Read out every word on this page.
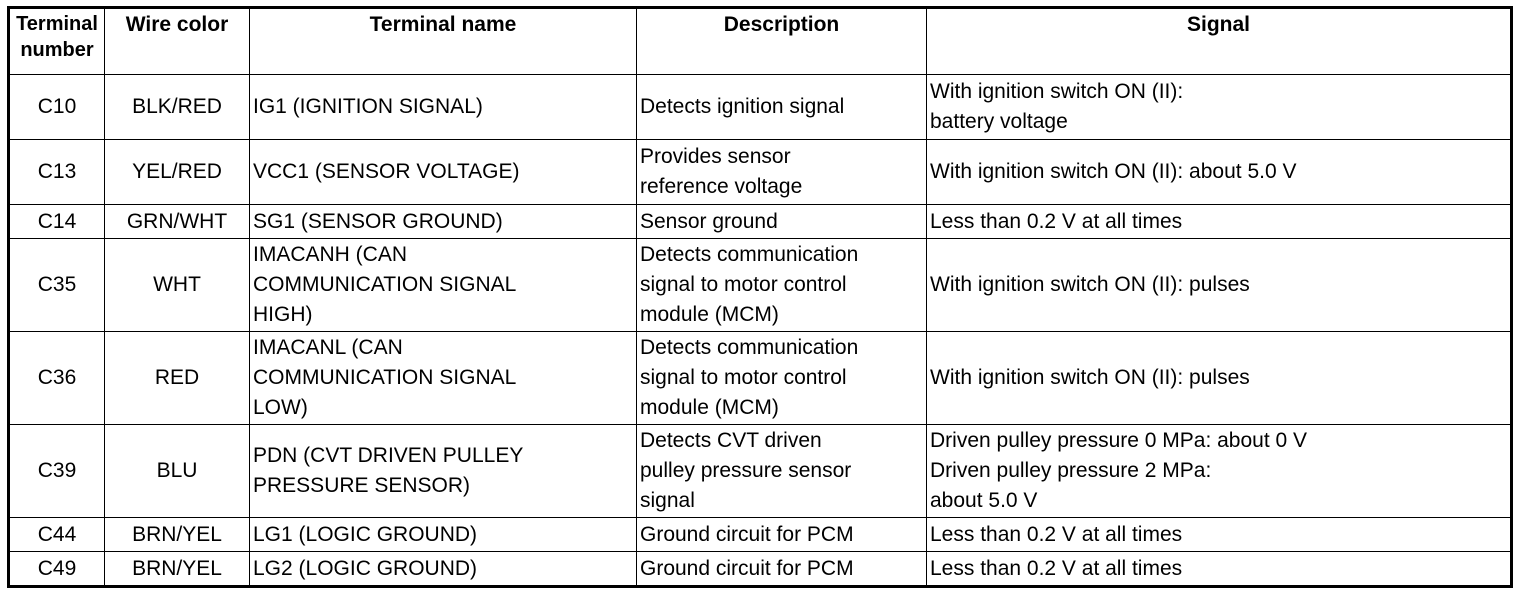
Terminal
number	Wire color	Terminal name	Description	Signal
C10	BLK/RED	IG1 (IGNITION SIGNAL)	Detects ignition signal	With ignition switch ON (II):
battery voltage
C13	YEL/RED	VCC1 (SENSOR VOLTAGE)	Provides sensor
reference voltage	With ignition switch ON (II): about 5.0 V
C14	GRN/WHT	SG1 (SENSOR GROUND)	Sensor ground	Less than 0.2 V at all times
C35	WHT	IMACANH (CAN
COMMUNICATION SIGNAL
HIGH)	Detects communication
signal to motor control
module (MCM)	With ignition switch ON (II): pulses
C36	RED	IMACANL (CAN
COMMUNICATION SIGNAL
LOW)	Detects communication
signal to motor control
module (MCM)	With ignition switch ON (II): pulses
C39	BLU	PDN (CVT DRIVEN PULLEY
PRESSURE SENSOR)	Detects CVT driven
pulley pressure sensor
signal	Driven pulley pressure 0 MPa: about 0 V
Driven pulley pressure 2 MPa:
about 5.0 V
C44	BRN/YEL	LG1 (LOGIC GROUND)	Ground circuit for PCM	Less than 0.2 V at all times
C49	BRN/YEL	LG2 (LOGIC GROUND)	Ground circuit for PCM	Less than 0.2 V at all times
